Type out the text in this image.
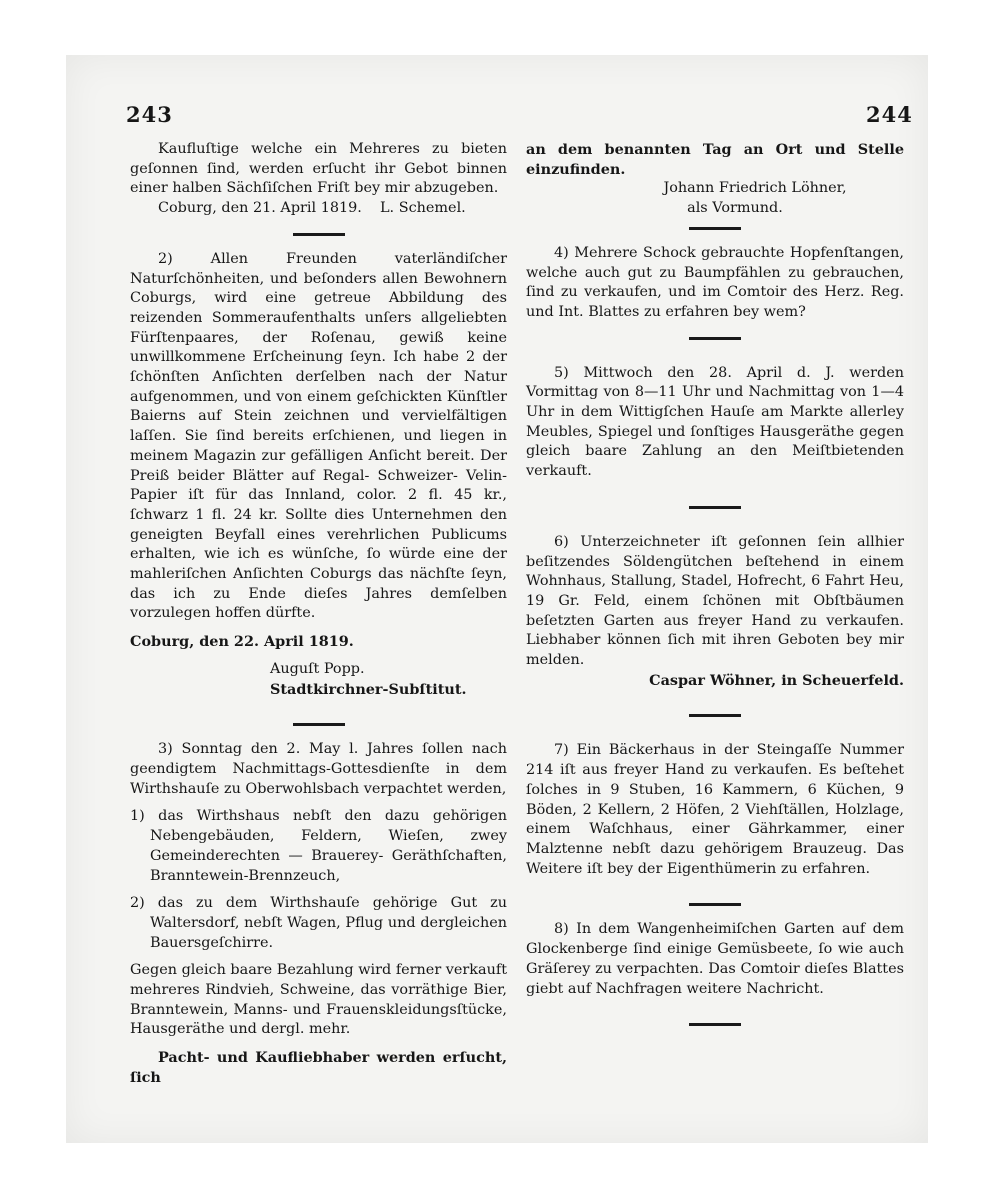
243	244

Kaufluſtige welche ein Mehreres zu bieten geſonnen ſind, werden erſucht ihr Gebot binnen einer halben Sächſiſchen Friſt bey mir abzugeben.

Coburg, den 21. April 1819. L. Schemel.

2) Allen Freunden vaterländiſcher Naturſchönheiten, und beſonders allen Bewohnern Coburgs, wird eine getreue Abbildung des reizenden Sommeraufenthalts unſers allgeliebten Fürſtenpaares, der Roſenau, gewiß keine unwillkommene Erſcheinung ſeyn. Ich habe 2 der ſchönſten Anſichten derſelben nach der Natur aufgenommen, und von einem geſchickten Künſtler Baierns auf Stein zeichnen und vervielfältigen laſſen. Sie ſind bereits erſchienen, und liegen in meinem Magazin zur gefälligen Anſicht bereit. Der Preiß beider Blätter auf Regal- Schweizer- Velin-Papier iſt für das Innland, color. 2 fl. 45 kr., ſchwarz 1 fl. 24 kr. Sollte dies Unternehmen den geneigten Beyfall eines verehrlichen Publicums erhalten, wie ich es wünſche, ſo würde eine der mahleriſchen Anſichten Coburgs das nächſte ſeyn, das ich zu Ende dieſes Jahres demſelben vorzulegen hoffen dürfte.

Coburg, den 22. April 1819.

Auguſt Popp.

Stadtkirchner-Subſtitut.

3) Sonntag den 2. May l. Jahres ſollen nach geendigtem Nachmittags-Gottesdienſte in dem Wirthshauſe zu Oberwohlsbach verpachtet werden,

1) das Wirthshaus nebſt den dazu gehörigen Nebengebäuden, Feldern, Wieſen, zwey Gemeinderechten — Brauerey- Geräthſchaften, Branntewein-Brennzeuch,

2) das zu dem Wirthshauſe gehörige Gut zu Waltersdorf, nebſt Wagen, Pflug und dergleichen Bauersgeſchirre.

Gegen gleich baare Bezahlung wird ferner verkauft mehreres Rindvieh, Schweine, das vorräthige Bier, Branntewein, Manns- und Frauenskleidungsſtücke, Hausgeräthe und dergl. mehr.

Pacht- und Kaufliebhaber werden erſucht, ſich

an dem benannten Tag an Ort und Stelle einzufinden.

Johann Friedrich Löhner,

als Vormund.

4) Mehrere Schock gebrauchte Hopfenſtangen, welche auch gut zu Baumpfählen zu gebrauchen, ſind zu verkaufen, und im Comtoir des Herz. Reg. und Int. Blattes zu erfahren bey wem?

5) Mittwoch den 28. April d. J. werden Vormittag von 8—11 Uhr und Nachmittag von 1—4 Uhr in dem Wittigſchen Hauſe am Markte allerley Meubles, Spiegel und ſonſtiges Hausgeräthe gegen gleich baare Zahlung an den Meiſtbietenden verkauft.

6) Unterzeichneter iſt geſonnen ſein allhier beſitzendes Söldengütchen beſtehend in einem Wohnhaus, Stallung, Stadel, Hofrecht, 6 Fahrt Heu, 19 Gr. Feld, einem ſchönen mit Obſtbäumen beſetzten Garten aus freyer Hand zu verkaufen. Liebhaber können ſich mit ihren Geboten bey mir melden.

Caspar Wöhner, in Scheuerfeld.

7) Ein Bäckerhaus in der Steingaſſe Nummer 214 iſt aus freyer Hand zu verkaufen. Es beſtehet ſolches in 9 Stuben, 16 Kammern, 6 Küchen, 9 Böden, 2 Kellern, 2 Höfen, 2 Viehſtällen, Holzlage, einem Waſchhaus, einer Gährkammer, einer Malztenne nebſt dazu gehörigem Brauzeug. Das Weitere iſt bey der Eigenthümerin zu erfahren.

8) In dem Wangenheimiſchen Garten auf dem Glockenberge ſind einige Gemüsbeete, ſo wie auch Gräſerey zu verpachten. Das Comtoir dieſes Blattes giebt auf Nachfragen weitere Nachricht.
